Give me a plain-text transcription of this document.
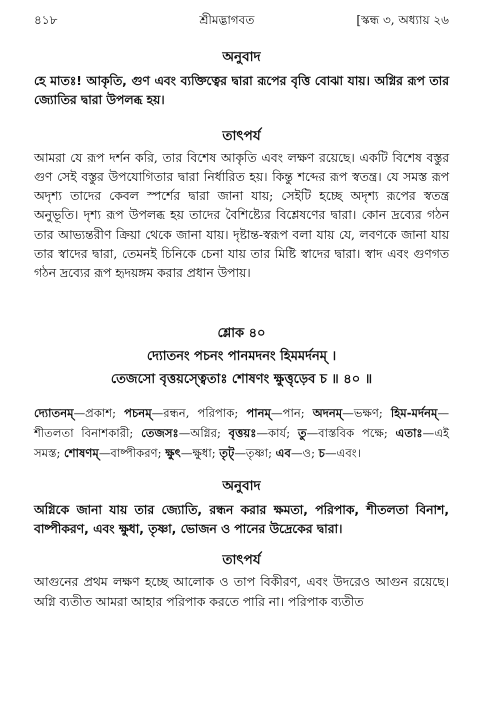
৪১৮	শ্রীমদ্ভাগবত	[স্কন্ধ ৩, অধ্যায় ২৬
অনুবাদ

হে মাতঃ! আকৃতি, গুণ এবং ব্যক্তিত্বের দ্বারা রূপের বৃত্তি বোঝা যায়। অগ্নির রূপ তার জ্যোতির দ্বারা উপলব্ধ হয়।

তাৎপর্য

আমরা যে রূপ দর্শন করি, তার বিশেষ আকৃতি এবং লক্ষণ রয়েছে। একটি বিশেষ বস্তুর গুণ সেই বস্তুর উপযোগিতার দ্বারা নির্ধারিত হয়। কিন্তু শব্দের রূপ স্বতন্ত্র। যে সমস্ত রূপ অদৃশ্য তাদের কেবল স্পর্শের দ্বারা জানা যায়; সেইটি হচ্ছে অদৃশ্য রূপের স্বতন্ত্র অনুভূতি। দৃশ্য রূপ উপলব্ধ হয় তাদের বৈশিষ্ট্যের বিশ্লেষণের দ্বারা। কোন দ্রব্যের গঠন তার আভ্যন্তরীণ ক্রিয়া থেকে জানা যায়। দৃষ্টান্ত-স্বরূপ বলা যায় যে, লবণকে জানা যায় তার স্বাদের দ্বারা, তেমনই চিনিকে চেনা যায় তার মিষ্টি স্বাদের দ্বারা। স্বাদ এবং গুণগত গঠন দ্রব্যের রূপ হৃদয়ঙ্গম করার প্রধান উপায়।

শ্লোক ৪০
দ্যোতনং পচনং পানমদনং হিমমর্দনম্ ।
তেজসো বৃত্তয়স্ত্বেতাঃ শোষণং ক্ষুত্তৃড়েব চ ॥ ৪০ ॥

দ্যোতনম্—প্রকাশ; পচনম্—রন্ধন, পরিপাক; পানম্—পান; অদনম্—ভক্ষণ; হিম-মর্দনম্—শীতলতা বিনাশকারী; তেজসঃ—অগ্নির; বৃত্তয়ঃ—কার্য; তু—বাস্তবিক পক্ষে; এতাঃ—এই সমস্ত; শোষণম্—বাষ্পীকরণ; ক্ষুৎ—ক্ষুধা; তৃট্—তৃষ্ণা; এব—ও; চ—এবং।

অনুবাদ

অগ্নিকে জানা যায় তার জ্যোতি, রন্ধন করার ক্ষমতা, পরিপাক, শীতলতা বিনাশ, বাষ্পীকরণ, এবং ক্ষুধা, তৃষ্ণা, ভোজন ও পানের উদ্রেকের দ্বারা।

তাৎপর্য

আগুনের প্রথম লক্ষণ হচ্ছে আলোক ও তাপ বিকীরণ, এবং উদরেও আগুন রয়েছে। অগ্নি ব্যতীত আমরা আহার পরিপাক করতে পারি না। পরিপাক ব্যতীত
